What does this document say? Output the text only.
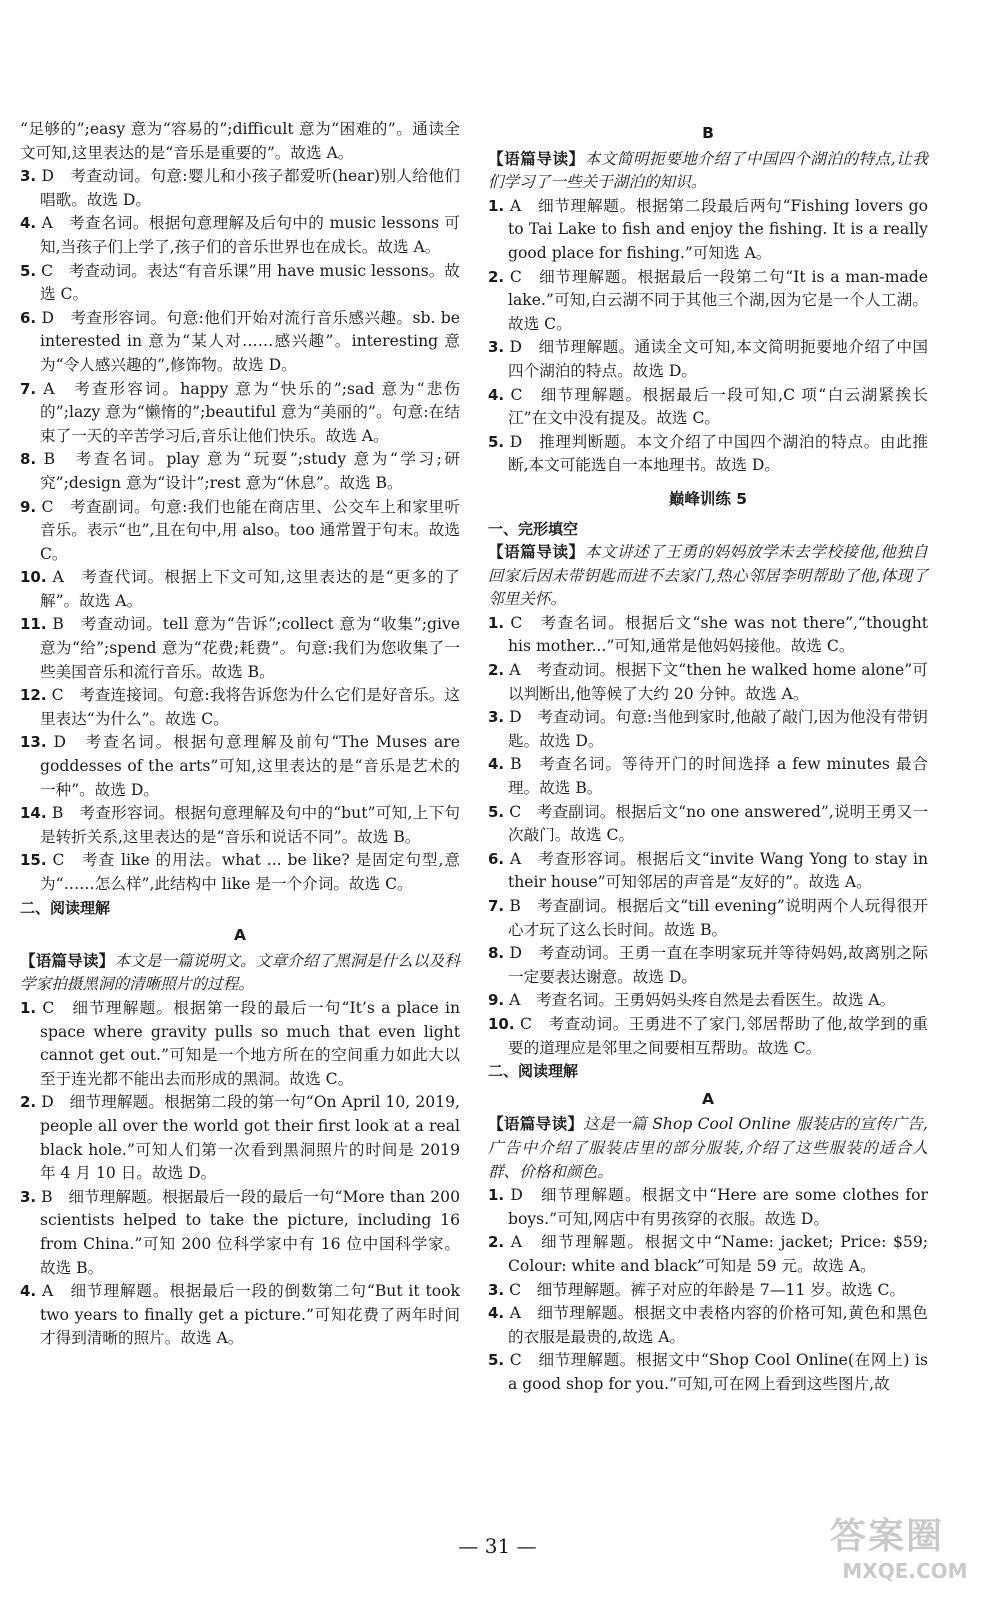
“足够的”;easy 意为“容易的”;difficult 意为“困难的”。通读全文可知,这里表达的是“音乐是重要的”。故选 A。

3. D　考查动词。句意:婴儿和小孩子都爱听(hear)别人给他们唱歌。故选 D。

4. A　考查名词。根据句意理解及后句中的 music lessons 可知,当孩子们上学了,孩子们的音乐世界也在成长。故选 A。

5. C　考查动词。表达“有音乐课”用 have music lessons。故选 C。

6. D　考查形容词。句意:他们开始对流行音乐感兴趣。sb. be interested in 意为“某人对……感兴趣”。interesting 意为“令人感兴趣的”,修饰物。故选 D。

7. A　考查形容词。happy 意为“快乐的”;sad 意为“悲伤的”;lazy 意为“懒惰的”;beautiful 意为“美丽的”。句意:在结束了一天的辛苦学习后,音乐让他们快乐。故选 A。

8. B　考查名词。play 意为“玩耍”;study 意为“学习;研究”;design 意为“设计”;rest 意为“休息”。故选 B。

9. C　考查副词。句意:我们也能在商店里、公交车上和家里听音乐。表示“也”,且在句中,用 also。too 通常置于句末。故选 C。

10. A　考查代词。根据上下文可知,这里表达的是“更多的了解”。故选 A。

11. B　考查动词。tell 意为“告诉”;collect 意为“收集”;give 意为“给”;spend 意为“花费;耗费”。句意:我们为您收集了一些美国音乐和流行音乐。故选 B。

12. C　考查连接词。句意:我将告诉您为什么它们是好音乐。这里表达“为什么”。故选 C。

13. D　考查名词。根据句意理解及前句“The Muses are goddesses of the arts”可知,这里表达的是“音乐是艺术的一种”。故选 D。

14. B　考查形容词。根据句意理解及句中的“but”可知,上下句是转折关系,这里表达的是“音乐和说话不同”。故选 B。

15. C　考查 like 的用法。what ... be like? 是固定句型,意为“……怎么样”,此结构中 like 是一个介词。故选 C。

二、阅读理解

A

【语篇导读】本文是一篇说明文。文章介绍了黑洞是什么以及科学家拍摄黑洞的清晰照片的过程。

1. C　细节理解题。根据第一段的最后一句“It’s a place in space where gravity pulls so much that even light cannot get out.”可知是一个地方所在的空间重力如此大以至于连光都不能出去而形成的黑洞。故选 C。

2. D　细节理解题。根据第二段的第一句“On April 10, 2019, people all over the world got their first look at a real black hole.”可知人们第一次看到黑洞照片的时间是 2019 年 4 月 10 日。故选 D。

3. B　细节理解题。根据最后一段的最后一句“More than 200 scientists helped to take the picture, including 16 from China.”可知 200 位科学家中有 16 位中国科学家。故选 B。

4. A　细节理解题。根据最后一段的倒数第二句“But it took two years to finally get a picture.”可知花费了两年时间才得到清晰的照片。故选 A。

B

【语篇导读】本文简明扼要地介绍了中国四个湖泊的特点,让我们学习了一些关于湖泊的知识。

1. A　细节理解题。根据第二段最后两句“Fishing lovers go to Tai Lake to fish and enjoy the fishing. It is a really good place for fishing.”可知选 A。

2. C　细节理解题。根据最后一段第二句“It is a man-made lake.”可知,白云湖不同于其他三个湖,因为它是一个人工湖。故选 C。

3. D　细节理解题。通读全文可知,本文简明扼要地介绍了中国四个湖泊的特点。故选 D。

4. C　细节理解题。根据最后一段可知,C 项“白云湖紧挨长江”在文中没有提及。故选 C。

5. D　推理判断题。本文介绍了中国四个湖泊的特点。由此推断,本文可能选自一本地理书。故选 D。

巅峰训练 5

一、完形填空

【语篇导读】本文讲述了王勇的妈妈放学未去学校接他,他独自回家后因未带钥匙而进不去家门,热心邻居李明帮助了他,体现了邻里关怀。

1. C　考查名词。根据后文“she was not there”,“thought his mother...”可知,通常是他妈妈接他。故选 C。

2. A　考查动词。根据下文“then he walked home alone”可以判断出,他等候了大约 20 分钟。故选 A。

3. D　考查动词。句意:当他到家时,他敲了敲门,因为他没有带钥匙。故选 D。

4. B　考查名词。等待开门的时间选择 a few minutes 最合理。故选 B。

5. C　考查副词。根据后文“no one answered”,说明王勇又一次敲门。故选 C。

6. A　考查形容词。根据后文“invite Wang Yong to stay in their house”可知邻居的声音是“友好的”。故选 A。

7. B　考查副词。根据后文“till evening”说明两个人玩得很开心才玩了这么长时间。故选 B。

8. D　考查动词。王勇一直在李明家玩并等待妈妈,故离别之际一定要表达谢意。故选 D。

9. A　考查名词。王勇妈妈头疼自然是去看医生。故选 A。

10. C　考查动词。王勇进不了家门,邻居帮助了他,故学到的重要的道理应是邻里之间要相互帮助。故选 C。

二、阅读理解

A

【语篇导读】这是一篇 Shop Cool Online 服装店的宣传广告,广告中介绍了服装店里的部分服装,介绍了这些服装的适合人群、价格和颜色。

1. D　细节理解题。根据文中“Here are some clothes for boys.”可知,网店中有男孩穿的衣服。故选 D。

2. A　细节理解题。根据文中“Name: jacket; Price: $59; Colour: white and black”可知是 59 元。故选 A。

3. C　细节理解题。裤子对应的年龄是 7—11 岁。故选 C。

4. A　细节理解题。根据文中表格内容的价格可知,黄色和黑色的衣服是最贵的,故选 A。

5. C　细节理解题。根据文中“Shop Cool Online(在网上) is a good shop for you.”可知,可在网上看到这些图片,故

— 31 —	答案圈
MXQE.COM
